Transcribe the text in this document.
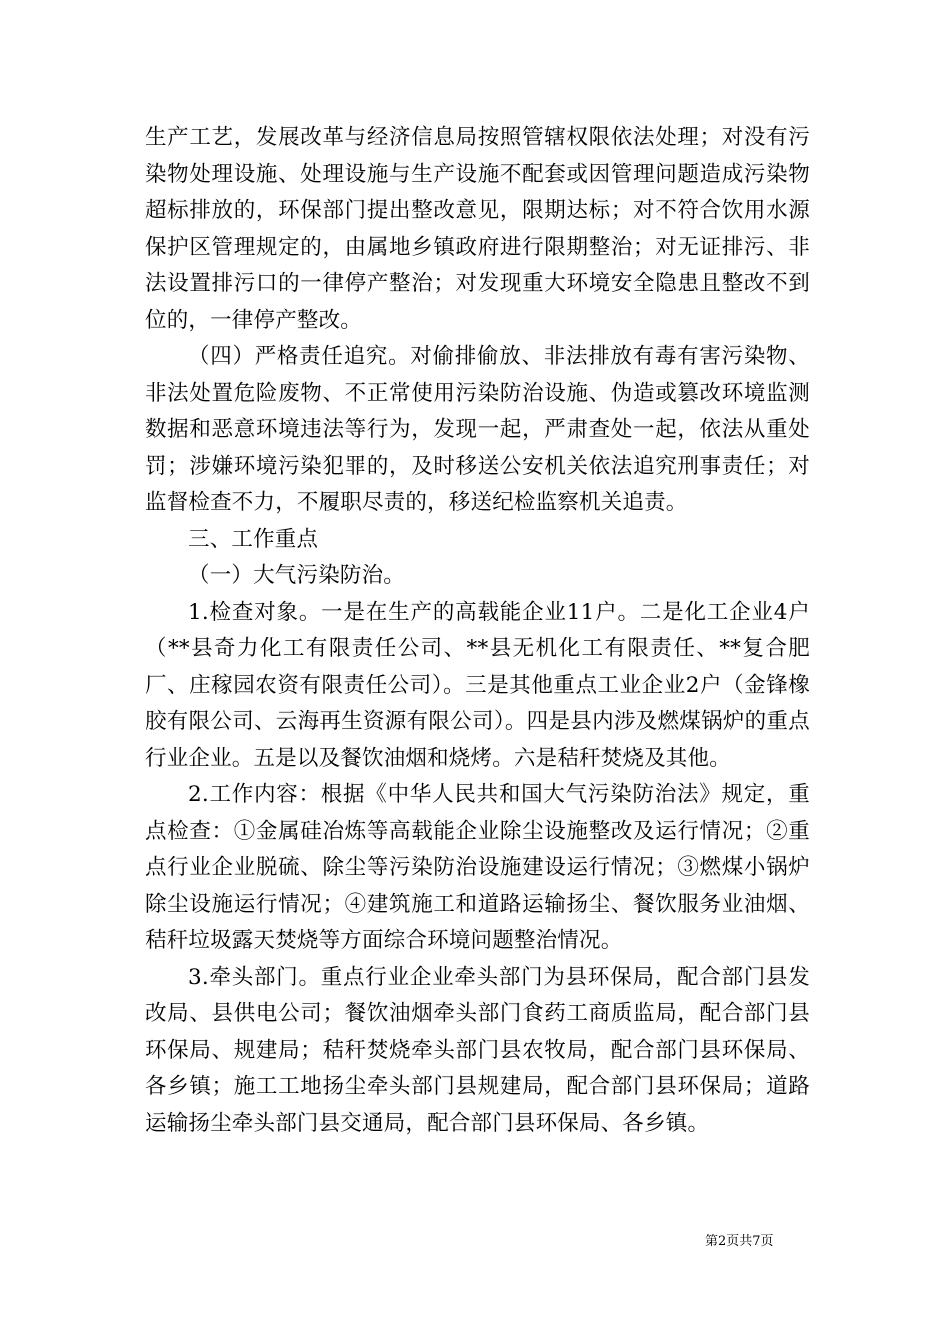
生产工艺，发展改革与经济信息局按照管辖权限依法处理；对没有污染物处理设施、处理设施与生产设施不配套或因管理问题造成污染物超标排放的，环保部门提出整改意见，限期达标；对不符合饮用水源保护区管理规定的，由属地乡镇政府进行限期整治；对无证排污、非法设置排污口的一律停产整治；对发现重大环境安全隐患且整改不到位的，一律停产整改。

（四）严格责任追究。对偷排偷放、非法排放有毒有害污染物、非法处置危险废物、不正常使用污染防治设施、伪造或篡改环境监测数据和恶意环境违法等行为，发现一起，严肃查处一起，依法从重处罚；涉嫌环境污染犯罪的，及时移送公安机关依法追究刑事责任；对监督检查不力，不履职尽责的，移送纪检监察机关追责。

三、工作重点

（一）大气污染防治。

1.检查对象。一是在生产的高载能企业11户。二是化工企业4户（**县奇力化工有限责任公司、**县无机化工有限责任、**复合肥厂、庄稼园农资有限责任公司）。三是其他重点工业企业2户（金锋橡胶有限公司、云海再生资源有限公司）。四是县内涉及燃煤锅炉的重点行业企业。五是以及餐饮油烟和烧烤。六是秸秆焚烧及其他。

2.工作内容：根据《中华人民共和国大气污染防治法》规定，重点检查：①金属硅冶炼等高载能企业除尘设施整改及运行情况；②重点行业企业脱硫、除尘等污染防治设施建设运行情况；③燃煤小锅炉除尘设施运行情况；④建筑施工和道路运输扬尘、餐饮服务业油烟、秸秆垃圾露天焚烧等方面综合环境问题整治情况。

3.牵头部门。重点行业企业牵头部门为县环保局，配合部门县发改局、县供电公司；餐饮油烟牵头部门食药工商质监局，配合部门县环保局、规建局；秸秆焚烧牵头部门县农牧局，配合部门县环保局、各乡镇；施工工地扬尘牵头部门县规建局，配合部门县环保局；道路运输扬尘牵头部门县交通局，配合部门县环保局、各乡镇。

第2页共7页
